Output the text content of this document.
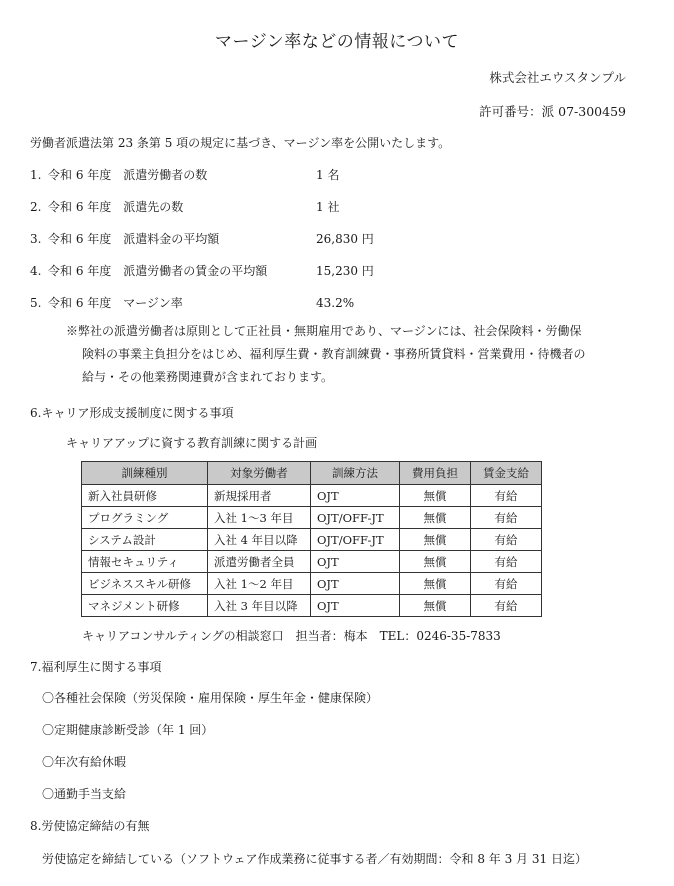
マージン率などの情報について
株式会社エウスタンプル
許可番号：派 07-300459
労働者派遣法第 23 条第 5 項の規定に基づき、マージン率を公開いたします。
1. 令和 6 年度　派遣労働者の数	1 名
2. 令和 6 年度　派遣先の数	1 社
3. 令和 6 年度　派遣料金の平均額	26,830 円
4. 令和 6 年度　派遣労働者の賃金の平均額	15,230 円
5. 令和 6 年度　マージン率	43.2%
※弊社の派遣労働者は原則として正社員・無期雇用であり、マージンには、社会保険料・労働保
険料の事業主負担分をはじめ、福利厚生費・教育訓練費・事務所賃貸料・営業費用・待機者の
給与・その他業務関連費が含まれております。
6.キャリア形成支援制度に関する事項
キャリアアップに資する教育訓練に関する計画
訓練種別	対象労働者	訓練方法	費用負担	賃金支給
新入社員研修	新規採用者	OJT	無償	有給
プログラミング	入社 1～3 年目	OJT/OFF-JT	無償	有給
システム設計	入社 4 年目以降	OJT/OFF-JT	無償	有給
情報セキュリティ	派遣労働者全員	OJT	無償	有給
ビジネススキル研修	入社 1～2 年目	OJT	無償	有給
マネジメント研修	入社 3 年目以降	OJT	無償	有給
キャリアコンサルティングの相談窓口　担当者：梅本　TEL：0246-35-7833
7.福利厚生に関する事項
〇各種社会保険（労災保険・雇用保険・厚生年金・健康保険）
〇定期健康診断受診（年 1 回）
〇年次有給休暇
〇通勤手当支給
8.労使協定締結の有無
労使協定を締結している（ソフトウェア作成業務に従事する者／有効期間：令和 8 年 3 月 31 日迄）
